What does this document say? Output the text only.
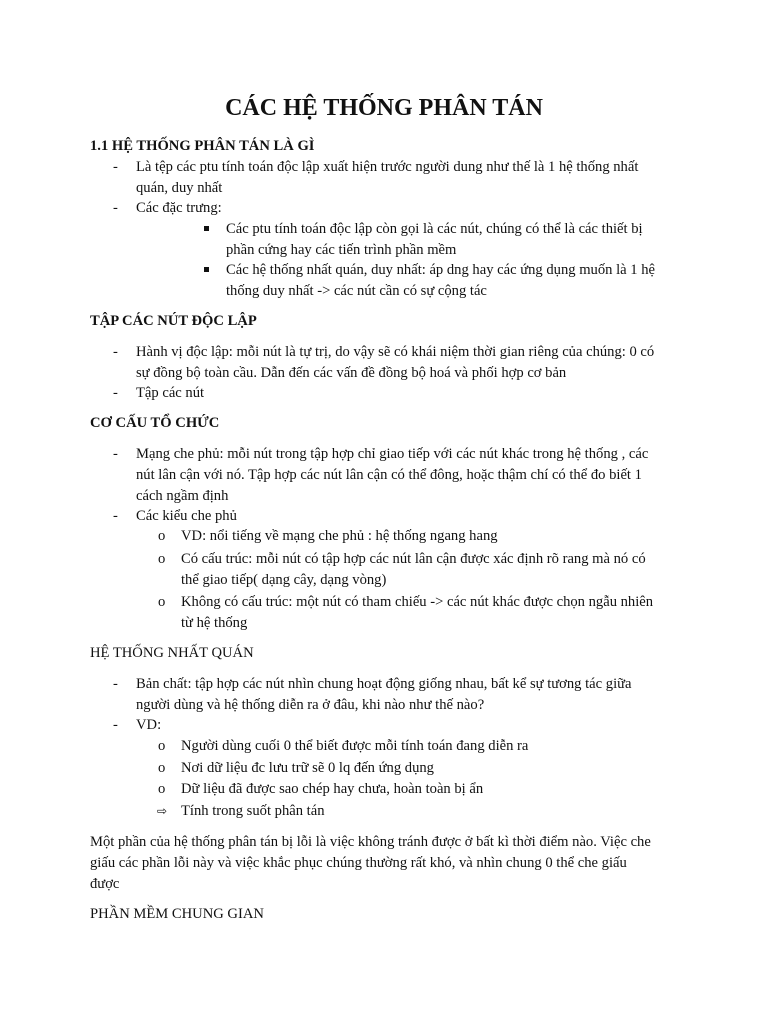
CÁC HỆ THỐNG PHÂN TÁN
1.1 HỆ THỐNG PHÂN TÁN LÀ GÌ
- Là tệp các ptu tính toán độc lập xuất hiện trước người dung như thế là 1 hệ thống nhất
quán, duy nhất
- Các đặc trưng:
Các ptu tính toán độc lập còn gọi là các nút, chúng có thể là các thiết bị
phần cứng hay các tiến trình phần mềm
Các hệ thống nhất quán, duy nhất: áp dng hay các ứng dụng muốn là 1 hệ
thống duy nhất -> các nút cần có sự cộng tác
TẬP CÁC NÚT ĐỘC LẬP
- Hành vị độc lập: mỗi nút là tự trị, do vậy sẽ có khái niệm thời gian riêng của chúng: 0 có
sự đồng bộ toàn cầu. Dẫn đến các vấn đề đồng bộ hoá và phối hợp cơ bản
- Tập các nút
CƠ CẤU TỔ CHỨC
- Mạng che phủ: mỗi nút trong tập hợp chỉ giao tiếp với các nút khác trong hệ thống , các
nút lân cận với nó. Tập hợp các nút lân cận có thể đông, hoặc thậm chí có thể đo biết 1
cách ngầm định
- Các kiểu che phủ
o VD: nổi tiếng về mạng che phủ : hệ thống ngang hang
o Có cấu trúc: mỗi nút có tập hợp các nút lân cận được xác định rõ rang mà nó có
thể giao tiếp( dạng cây, dạng vòng)
o Không có cấu trúc: một nút có tham chiếu -> các nút khác được chọn ngẫu nhiên
từ hệ thống
HỆ THỐNG NHẤT QUÁN
- Bản chất: tập hợp các nút nhìn chung hoạt động giống nhau, bất kể sự tương tác giữa
người dùng và hệ thống diễn ra ở đâu, khi nào như thế nào?
- VD:
o Người dùng cuối 0 thể biết được mỗi tính toán đang diễn ra
o Nơi dữ liệu đc lưu trữ sẽ 0 lq đến ứng dụng
o Dữ liệu đã được sao chép hay chưa, hoàn toàn bị ẩn
⇨ Tính trong suốt phân tán
Một phần của hệ thống phân tán bị lỗi là việc không tránh được ở bất kì thời điểm nào. Việc che
giấu các phần lỗi này và việc khắc phục chúng thường rất khó, và nhìn chung 0 thể che giấu
được
PHẦN MỀM CHUNG GIAN
